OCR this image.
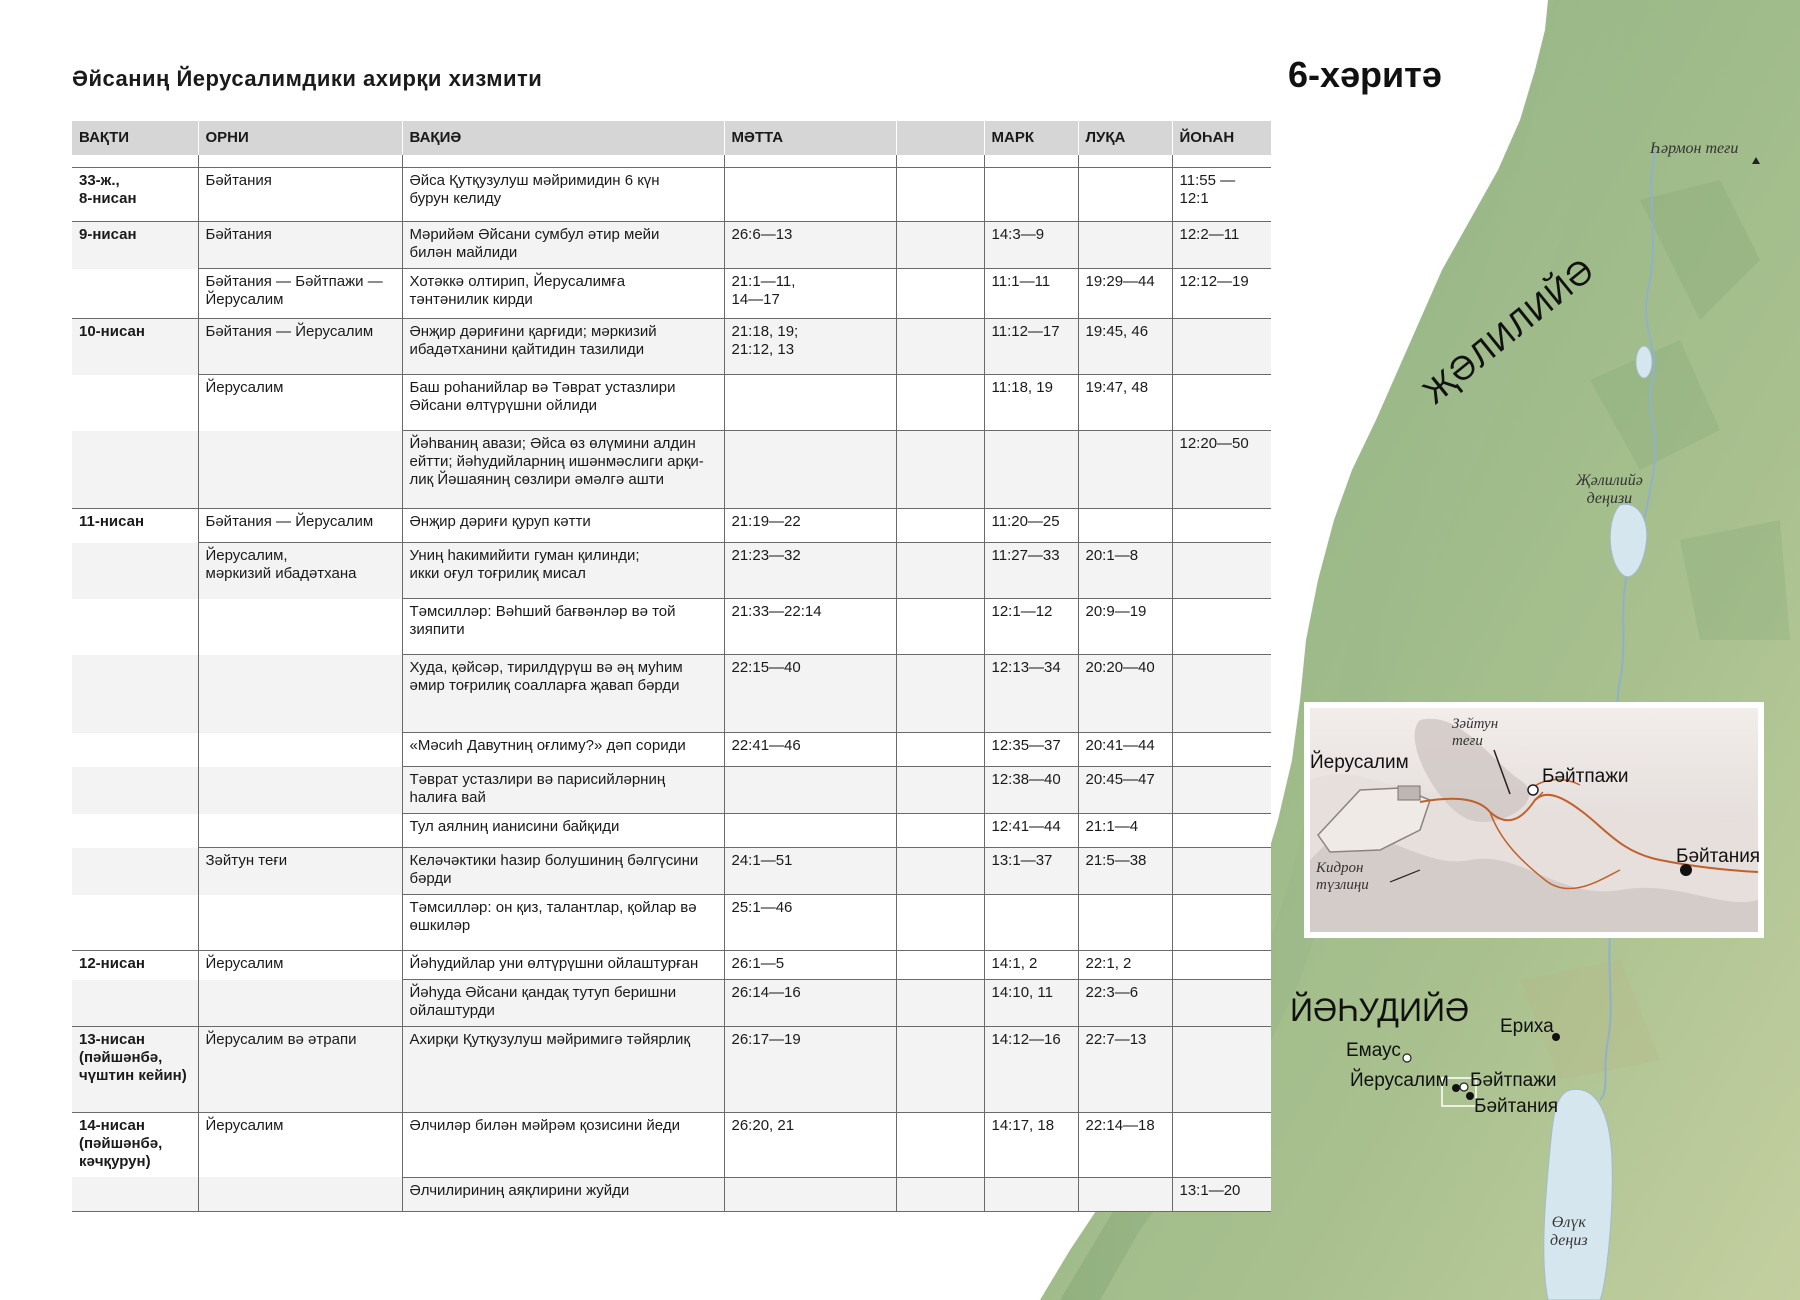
Әйсаниң Йерусалимдики ахирқи хизмити	6-хәритә
Һәрмон теғи
ҖӘЛИЛИЙӘ
Җәлилийә
деңизи
ЙӘҺУДИЙӘ Ериха
Емаус
Йерусалим Бәйтпажи
Бәйтания
Өлүк
деңиз
Йерусалим
Зәйтун
теғи
Бәйтпажи
Бәйтания
Кидрон
түзлиңи
ВАҚТИ	ОРНИ	ВАҚИӘ	МӘТТА		МАРК	ЛУҚА	ЙОҺАН

33-ж.,
8-нисан	Бәйтания	Әйса Қутқузулуш мәйримидин 6 күн
бурун келиду					11:55 —
12:1
9-нисан	Бәйтания	Мәрийәм Әйсани сумбул әтир мейи
билән майлиди	26:6—13		14:3—9		12:2—11
	Бәйтания — Бәйтпажи —
Йерусалим	Хотәккә олтирип, Йерусалимға
тәнтәнилик кирди	21:1—11,
14—17		11:1—11	19:29—44	12:12—19
10-нисан	Бәйтания — Йерусалим	Әнҗир дәриғини қарғиди; мәркизий
ибадәтханини қайтидин тазилиди	21:18, 19;
21:12, 13		11:12—17	19:45, 46	
	Йерусалим	Баш роһанийлар вә Тәврат устазлири
Әйсани өлтүрүшни ойлиди			11:18, 19	19:47, 48	
		Йәһваниң авази; Әйса өз өлүмини алдин
ейтти; йәһудийларниң ишәнмәслиги арқи-
лиқ Йәшаяниң сөзлири әмәлгә ашти					12:20—50
11-нисан	Бәйтания — Йерусалим	Әнҗир дәриғи қуруп кәтти	21:19—22		11:20—25		
	Йерусалим,
мәркизий ибадәтхана	Униң һакимийити гуман қилинди;
икки оғул тоғрилиқ мисал	21:23—32		11:27—33	20:1—8	
		Тәмсилләр: Вәһший бағвәнләр вә той
зияпити	21:33—22:14		12:1—12	20:9—19	
		Худа, қәйсәр, тирилдүрүш вә әң муһим
әмир тоғрилиқ соалларға җавап бәрди	22:15—40		12:13—34	20:20—40	
		«Мәсиһ Давутниң оғлиму?» дәп сориди	22:41—46		12:35—37	20:41—44	
		Тәврат устазлири вә парисийләрниң
һалиға вай			12:38—40	20:45—47	
		Тул аялниң ианисини байқиди			12:41—44	21:1—4	
	Зәйтун теғи	Келәчәктики һазир болушиниң бәлгүсини
бәрди	24:1—51		13:1—37	21:5—38	
		Тәмсилләр: он қиз, талантлар, қойлар вә
өшкиләр	25:1—46				
12-нисан	Йерусалим	Йәһудийлар уни өлтүрүшни ойлаштурған	26:1—5		14:1, 2	22:1, 2	
		Йәһуда Әйсани қандақ тутуп беришни
ойлаштурди	26:14—16		14:10, 11	22:3—6	
13-нисан
(пәйшәнбә,
чүштин кейин)	Йерусалим вә әтрапи	Ахирқи Қутқузулуш мәйримигә тәйярлиқ	26:17—19		14:12—16	22:7—13	
14-нисан
(пәйшәнбә,
кәчқурун)	Йерусалим	Әлчиләр билән мәйрәм қозисини йеди	26:20, 21		14:17, 18	22:14—18	
		Әлчилириниң аяқлирини жуйди					13:1—20
